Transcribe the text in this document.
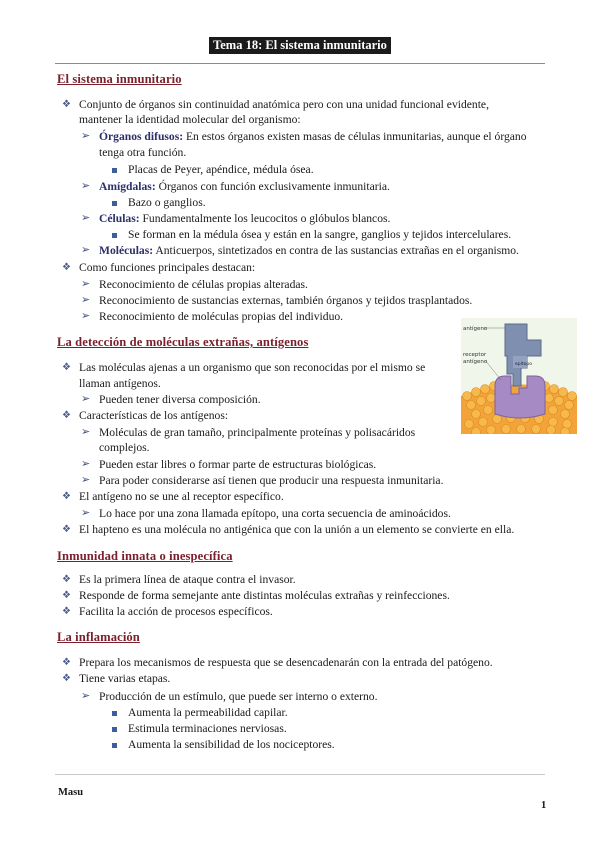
Tema 18: El sistema inmunitario
El sistema inmunitario
❖ Conjunto de órganos sin continuidad anatómica pero con una unidad funcional evidente,
mantener la identidad molecular del organismo:
➢ Órganos difusos: En estos órganos existen masas de células inmunitarias, aunque el órgano
tenga otra función.
Placas de Peyer, apéndice, médula ósea.
➢ Amígdalas: Órganos con función exclusivamente inmunitaria.
Bazo o ganglios.
➢ Células: Fundamentalmente los leucocitos o glóbulos blancos.
Se forman en la médula ósea y están en la sangre, ganglios y tejidos intercelulares.
➢ Moléculas: Anticuerpos, sintetizados en contra de las sustancias extrañas en el organismo.
❖ Como funciones principales destacan:
➢ Reconocimiento de células propias alteradas.
➢ Reconocimiento de sustancias externas, también órganos y tejidos trasplantados.
➢ Reconocimiento de moléculas propias del individuo.
La detección de moléculas extrañas, antígenos
❖ Las moléculas ajenas a un organismo que son reconocidas por el mismo se
llaman antígenos.
➢ Pueden tener diversa composición.
❖ Características de los antígenos:
➢ Moléculas de gran tamaño, principalmente proteínas y polisacáridos
complejos.
➢ Pueden estar libres o formar parte de estructuras biológicas.
➢ Para poder considerarse así tienen que producir una respuesta inmunitaria.
❖ El antígeno no se une al receptor específico.
➢ Lo hace por una zona llamada epítopo, una corta secuencia de aminoácidos.
❖ El hapteno es una molécula no antigénica que con la unión a un elemento se convierte en ella.
antígeno
epítopo
receptor
antígeno
Inmunidad innata o inespecífica
❖ Es la primera línea de ataque contra el invasor.
❖ Responde de forma semejante ante distintas moléculas extrañas y reinfecciones.
❖ Facilita la acción de procesos específicos.
La inflamación
❖ Prepara los mecanismos de respuesta que se desencadenarán con la entrada del patógeno.
❖ Tiene varias etapas.
➢ Producción de un estímulo, que puede ser interno o externo.
Aumenta la permeabilidad capilar.
Estimula terminaciones nerviosas.
Aumenta la sensibilidad de los nociceptores.
Masu
1
